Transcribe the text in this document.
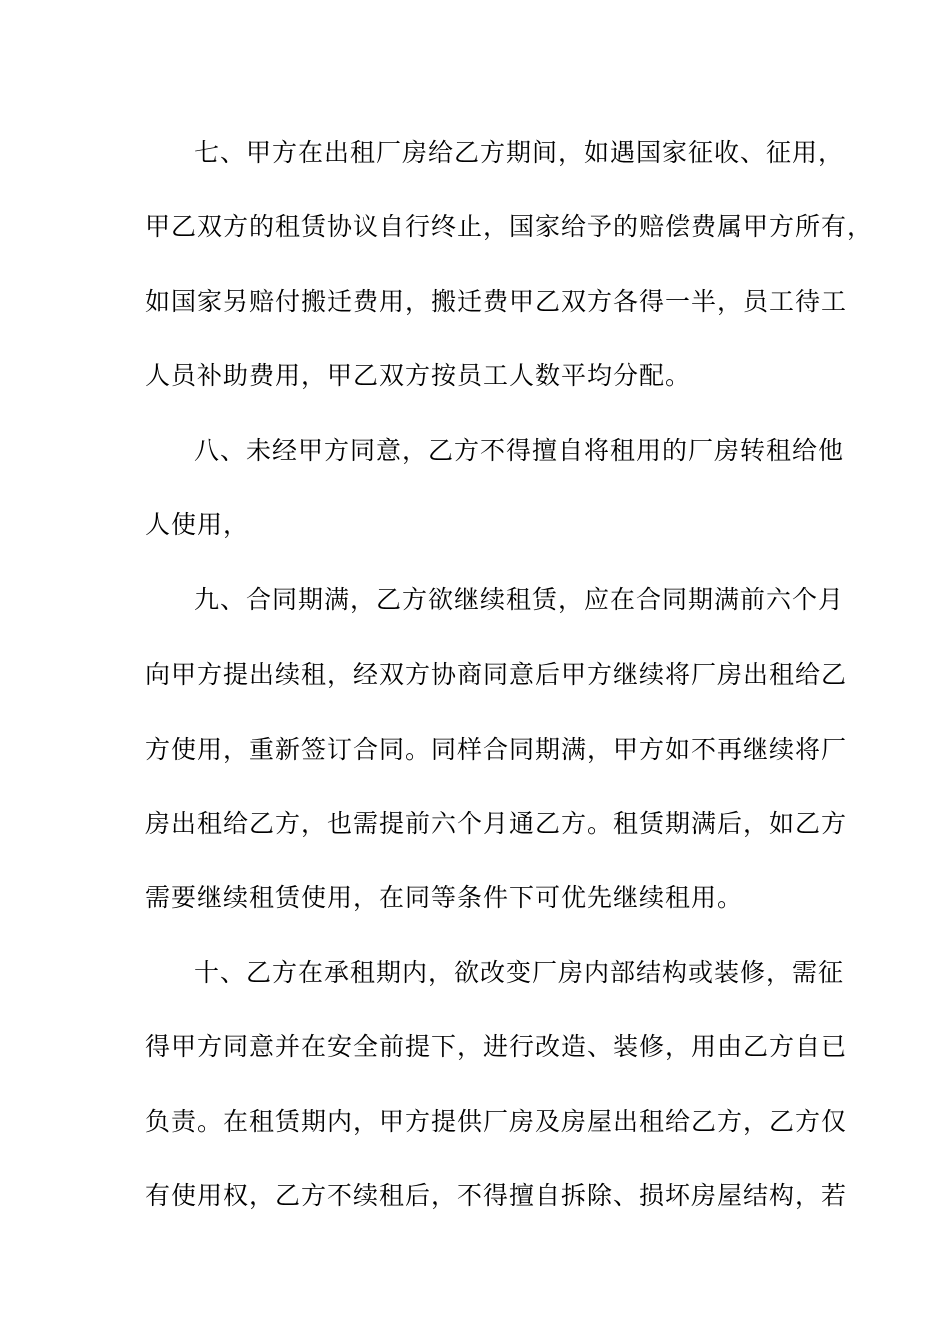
七、甲方在出租厂房给乙方期间，如遇国家征收、征用，
甲乙双方的租赁协议自行终止，国家给予的赔偿费属甲方所有，
如国家另赔付搬迁费用，搬迁费甲乙双方各得一半，员工待工
人员补助费用，甲乙双方按员工人数平均分配。
八、未经甲方同意，乙方不得擅自将租用的厂房转租给他
人使用，
九、合同期满，乙方欲继续租赁，应在合同期满前六个月
向甲方提出续租，经双方协商同意后甲方继续将厂房出租给乙
方使用，重新签订合同。同样合同期满，甲方如不再继续将厂
房出租给乙方，也需提前六个月通乙方。租赁期满后，如乙方
需要继续租赁使用，在同等条件下可优先继续租用。
十、乙方在承租期内，欲改变厂房内部结构或装修，需征
得甲方同意并在安全前提下，进行改造、装修，用由乙方自已
负责。在租赁期内，甲方提供厂房及房屋出租给乙方，乙方仅
有使用权，乙方不续租后，不得擅自拆除、损坏房屋结构，若
